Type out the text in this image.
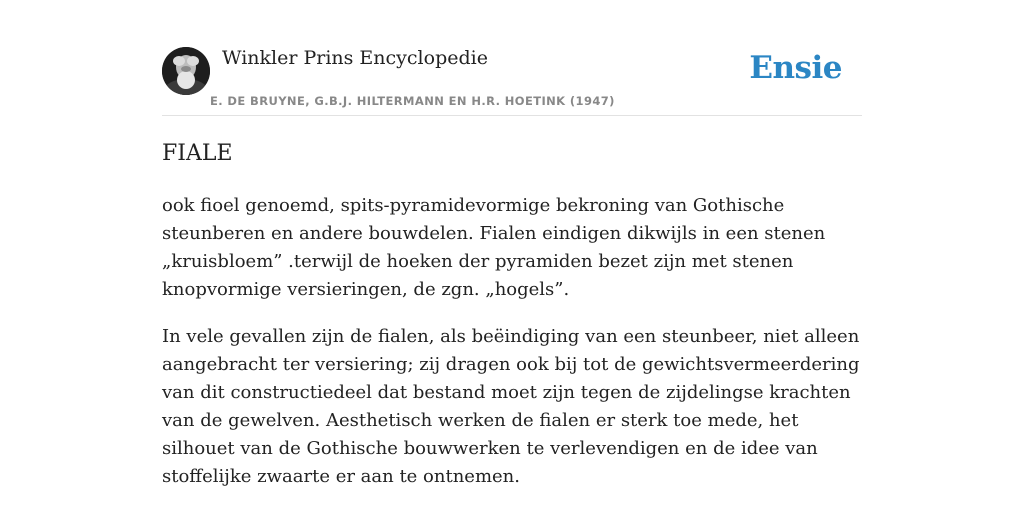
Winkler Prins Encyclopedie
E. DE BRUYNE, G.B.J. HILTERMANN EN H.R. HOETINK (1947)
Ensie
FIALE

ook fioel genoemd, spits-pyramidevormige bekroning van Gothische steunberen en andere bouwdelen. Fialen eindigen dikwijls in een stenen „kruisbloem” .terwijl de hoeken der pyramiden bezet zijn met stenen knopvormige versieringen, de zgn. „hogels”.

In vele gevallen zijn de fialen, als beëindiging van een steunbeer, niet alleen aangebracht ter versiering; zij dragen ook bij tot de gewichtsvermeerdering van dit constructiedeel dat bestand moet zijn tegen de zijdelingse krachten van de gewelven. Aesthetisch werken de fialen er sterk toe mede, het silhouet van de Gothische bouwwerken te verlevendigen en de idee van stoffelijke zwaarte er aan te ontnemen.
